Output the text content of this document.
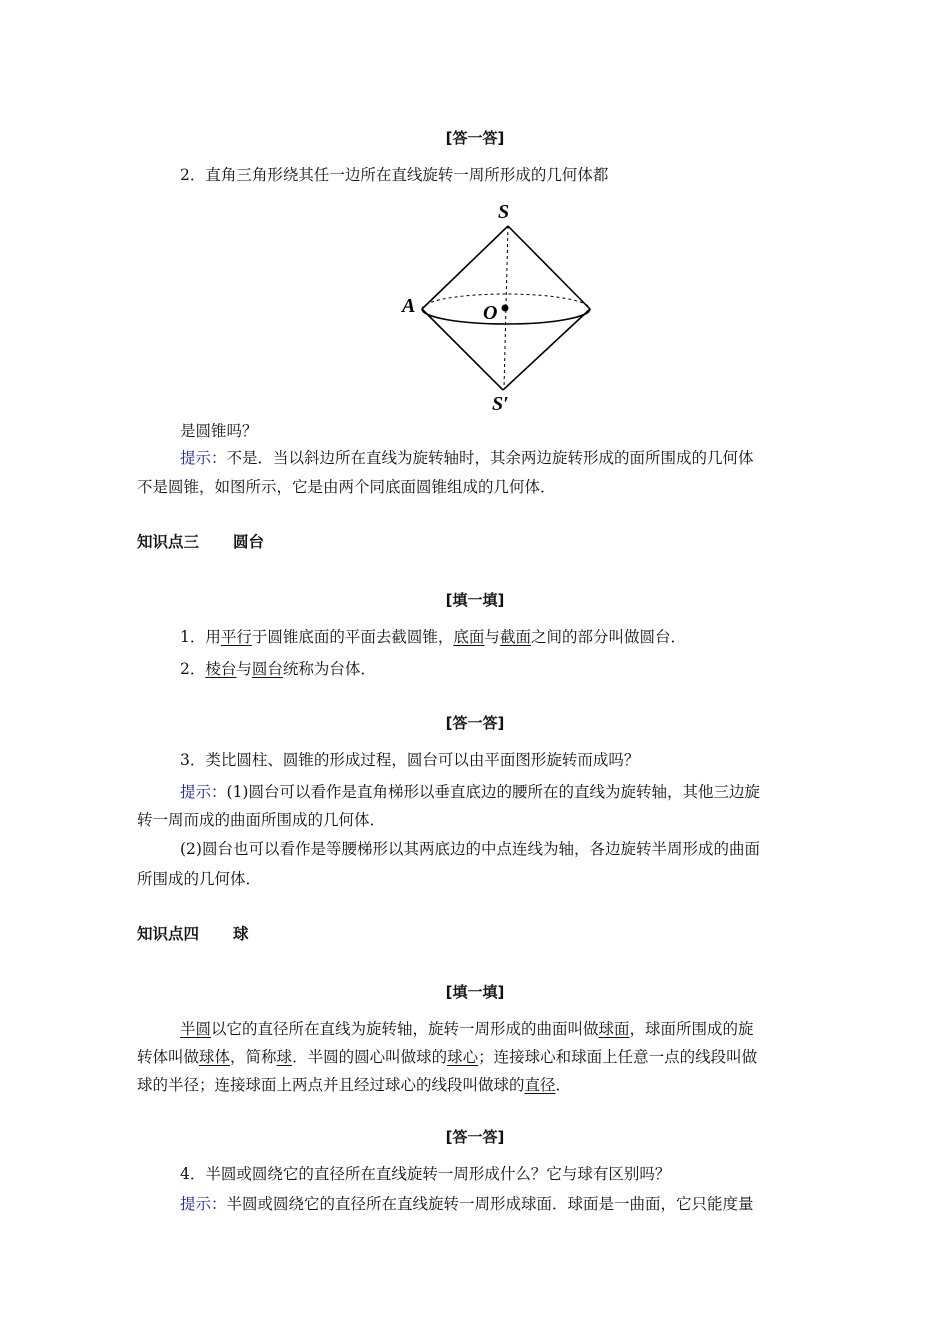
[答一答]
2．直角三角形绕其任一边所在直线旋转一周所形成的几何体都
S
A	O
S′
是圆锥吗？
提示：不是．当以斜边所在直线为旋转轴时，其余两边旋转形成的面所围成的几何体
不是圆锥，如图所示，它是由两个同底面圆锥组成的几何体．
知识点三 圆台
[填一填]
1．用平行于圆锥底面的平面去截圆锥，底面与截面之间的部分叫做圆台．
2．棱台与圆台统称为台体．
[答一答]
3．类比圆柱、圆锥的形成过程，圆台可以由平面图形旋转而成吗？
提示：(1)圆台可以看作是直角梯形以垂直底边的腰所在的直线为旋转轴，其他三边旋
转一周而成的曲面所围成的几何体．
(2)圆台也可以看作是等腰梯形以其两底边的中点连线为轴，各边旋转半周形成的曲面
所围成的几何体．
知识点四 球
[填一填]
半圆以它的直径所在直线为旋转轴，旋转一周形成的曲面叫做球面，球面所围成的旋
转体叫做球体，简称球．半圆的圆心叫做球的球心；连接球心和球面上任意一点的线段叫做
球的半径；连接球面上两点并且经过球心的线段叫做球的直径．
[答一答]
4．半圆或圆绕它的直径所在直线旋转一周形成什么？它与球有区别吗？
提示：半圆或圆绕它的直径所在直线旋转一周形成球面．球面是一曲面，它只能度量
